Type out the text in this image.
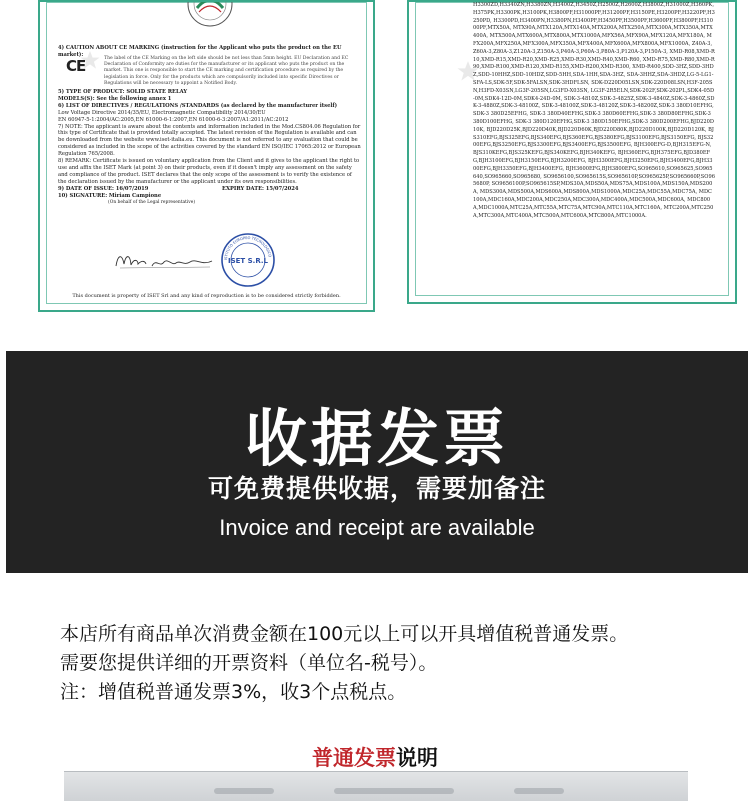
4) CAUTION ABOUT CE MARKING (instruction for the Applicant who puts the product on the EU market):
CE	The label of the CE Marking on the left side should be not less than 5mm height. EU Declaration and EC Declaration of Conformity are duties for the manufacturer or its applicant who puts the product on the market. This one is responsible to start the CE marking and certification procedure as required by the legislation in force. Only for the products which are compulsorily included into specific Directives or Regulations will be necessary to appoint a Notified Body.

5) TYPE OF PRODUCT: SOLID STATE RELAY

MODELS(S): See the following annex 1

6) LIST OF DIRECTIVES / REGULATIONS /STANDARDS (as declared by the manufacturer itself)

Low Voltage Directive 2014/35/EU, Electromagnetic Compatibility 2014/30/EU

EN 60947-5-1:2004/AC:2005,EN 61000-6-1:2007,EN 61000-6-3:2007/A1:2011/AC:2012

7) NOTE: The applicant is aware about the contents and information included in the Mod.CS804.06 Regulation for this type of Certificate that is provided totally accepted. The latest revision of the Regulation is available and can be downloaded from the website www.iset-italia.eu. This document is not referred to any evaluation that could be considered as included in the scope of the activities covered by the standard EN ISO/IEC 17065:2012 or European Regulation 765/2008.

8) REMARK: Certificate is issued on voluntary application from the Client and it gives to the applicant the right to use and affix the ISET Mark (at point 3) on their products, even if it doesn't imply any assessment on the safety and compliance of the product. ISET declares that the only scope of the assessment is to verify the existence of the declaration issued by the manufacturer or the applicant under its own responsibilities.

9) DATE OF ISSUE: 16/07/2019	EXPIRY DATE: 15/07/2024

10) SIGNATURE: Miriam Campione

(On behalf of the Legal representative)

ISET S.R.L
ISTITUTO EUROPEO TECNOLOGICO
This document is property of ISET Srl and any kind of reproduction is to be considered strictly forbidden.
H3300ZD,H3340ZN,H3380ZN,H3400Z,H3450Z,H2500Z,H2600Z,H3800Z,H31000Z,H360PK, H375PK,H3300PK,H3100PK,H3800PF,H31000PF,H31200PF,H3150PE,H3200PF,H3220PF,H3250PD, H3300PD,H3400PN,H3380PN,H3400PF,H3450PF,H3500PF,H3600PF,H3800PF,H31000PF,MTX50A, MTX90A,MTX120A,MTX140A,MTX200A,MTX250A,MTX300A,MTX350A,MTX400A, MTX500A,MTX600A,MTX800A,MTX1000A,MFX56A,MFX90A,MFX120A,MFX180A, MFX200A,MFX250A,MFX300A,MFX350A,MFX400A,MFX600A,MFX800A,MFX1000A, Z40A-3,Z60A-3,Z80A-3,Z120A-3,Z150A-3,P40A-3,P60A-3,P80A-3,P120A-3,P150A-3, XMD-R08,XMD-R10,XMD-R15,XMD-R20,XMD-R25,XMD-R30,XMD-R40,XMD-R60, XMD-R75,XMD-R80,XMD-R90,XMD-R100,XMD-R120,XMD-R155,XMD-R200,XMD-R300, XMD-R400,SDD-3HZ,SDD-3HDZ,SDD-10HHZ,SDD-10HDZ,SDD-5HH,SDA-1HH,SDA-3HZ, SDA-3HHZ,SDA-3HDZ,LG-5-LG1-SFA-LS,SDK-5F,SDK-5FALSN,SDK-3HDFLSN, SDK-D220D05LSN,SDK-220D08LSN,H3F-205SN,H3FD-X03SN,LG3F-205SN,LG3FD-X03SN, LG3F-2R5ELN,SDK-202F,SDK-202PL,SDK4-05D-0M,SDK4-12D-0M,SDK4-24D-0M, SDK-3-4810Z,SDK-3-4825Z,SDK-3-4840Z,SDK-3-4860Z,SDK-3-4880Z,SDK-3-48100Z, SDK-3-48100Z,SDK-3-48120Z,SDK-3-48200Z,SDK-3 380D10EFHG,SDK-3 380D25EFHG, SDK-3 380D40EFHG,SDK-3 380D60EFHG,SDK-3 380D80EFHG,SDK-3 380D100EFHG, SDK-3 380D120EFHG,SDK-3 380D150EFHG,SDK-3 380D200EFHG,BJD220D10K, BJD220D25K,BJD220D40K,BJD220D60K,BJD220D80K,BJD220D100K,BJD220D120K, BJS310EFG,BJS325EFG,BJS340EFG,BJS360EFG,BJS380EFG,BJS3100EFG,BJS3150EFG, BJS3200EFG,BJS3250EFG,BJS3300EFG,BJS3400EFG,BJS3500EFG, BJH300EFG-D,BJH315EFG-N,BJS310KEFG,BJS325KEFG,BJS340KEFG,BJH340KEFG, BJH360EFG,BJH375EFG,BJD380EFG,BJH3100EFG,BJH3150EFG,BJH3200EFG, BJH3300EFG,BJH3250EFG,BJH3400EFG,BJH3300EFG,BJH3350EFG,BJH3400EFG, BJH3600EFG,BJH3800EFG,SO965610,SO965625,SO965640,SO965660,SO965680, SO9656100,SO965615S,SO965610P,SO965625P,SO965660P,SO965680P, SO9656100P,SO965615SP,MDS30A,MDS50A,MDS75A,MDS100A,MDS150A,MDS200A, MDS300A,MDS500A,MDS600A,MDS800A,MDS1000A,MDC25A,MDC55A,MDC75A, MDC100A,MDC160A,MDC200A,MDC250A,MDC300A,MDC400A,MDC500A,MDC600A, MDC800A,MDC1000A,MTC25A,MTC55A,MTC75A,MTC90A,MTC110A,MTC160A, MTC200A,MTC250A,MTC300A,MTC400A,MTC500A,MTC600A,MTC800A,MTC1000A.
收据发票
可免费提供收据，需要加备注
Invoice and receipt are available
本店所有商品单次消费金额在100元以上可以开具增值税普通发票。
需要您提供详细的开票资料（单位名-税号）。
注：增值税普通发票3%，收3个点税点。
普通发票说明
